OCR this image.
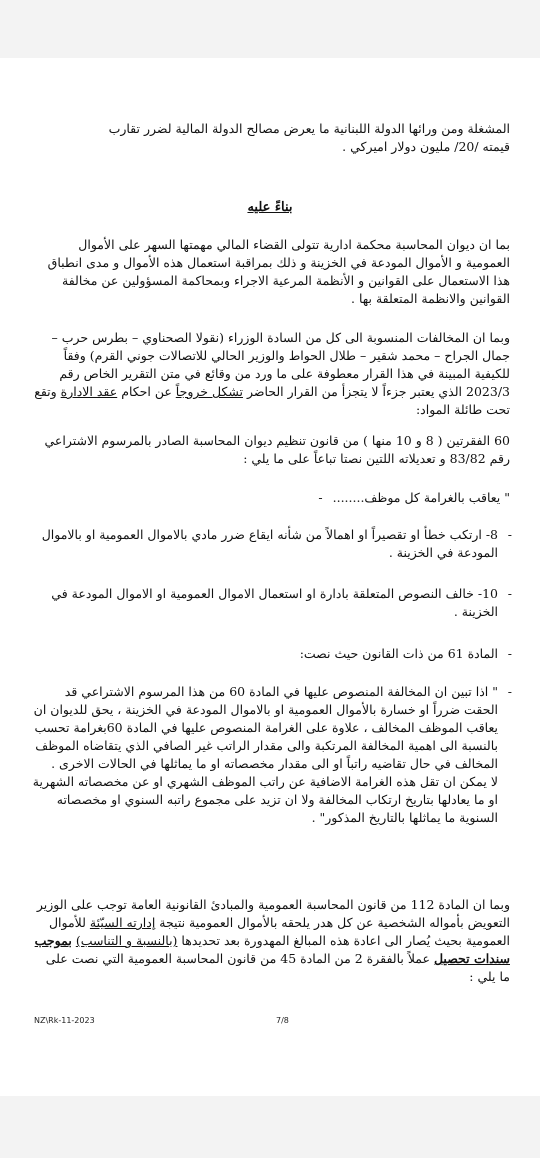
المشغلة ومن ورائها الدولة اللبنانية ما يعرض مصالح الدولة المالية لضرر تقارب
قيمته /20/ مليون دولار اميركي .
بناءً عليه
بما ان ديوان المحاسبة محكمة ادارية تتولى القضاء المالي مهمتها السهر على الأموال العمومية و الأموال المودعة في الخزينة و ذلك بمراقبة استعمال هذه الأموال و مدى انطباق هذا الاستعمال على القوانين و الأنظمة المرعية الاجراء وبمحاكمة المسؤولين عن مخالفة القوانين والانظمة المتعلقة بها .
وبما ان المخالفات المنسوبة الى كل من السادة الوزراء (نقولا الصحناوي – بطرس حرب – جمال الجراح – محمد شقير – طلال الحواط والوزير الحالي للاتصالات جوني القرم) وفقاً للكيفية المبينة في هذا القرار معطوفة على ما ورد من وقائع في متن التقرير الخاص رقم 2023/3 الذي يعتبر جزءاً لا يتجزأ من القرار الحاضر تشكل خروجاً عن احكام عقد الادارة وتقع تحت طائلة المواد:
60 الفقرتين ( 8 و 10 منها ) من قانون تنظيم ديوان المحاسبة الصادر بالمرسوم الاشتراعي رقم 83/82 و تعديلاته اللتين نصتا تباعاً على ما يلي :
" يعاقب بالغرامة كل موظف........ -
8- ارتكب خطأ او تقصيراً او اهمالاً من شأنه ايقاع ضرر مادي بالاموال العمومية او بالاموال المودعة في الخزينة .
-
10- خالف النصوص المتعلقة بادارة او استعمال الاموال العمومية او الاموال المودعة في الخزينة .
-
المادة 61 من ذات القانون حيث نصت: -
" اذا تبين ان المخالفة المنصوص عليها في المادة 60 من هذا المرسوم الاشتراعي قد الحقت ضرراً او خسارة بالأموال العمومية او بالاموال المودعة في الخزينة ، يحق للديوان ان يعاقب الموظف المخالف ، علاوة على الغرامة المنصوص عليها في المادة 60بغرامة تحسب بالنسبة الى اهمية المخالفة المرتكبة والى مقدار الراتب غير الصافي الذي يتقاضاه الموظف المخالف في حال تقاضيه راتباً او الى مقدار مخصصاته او ما يماثلها في الحالات الاخرى .
لا يمكن ان تقل هذه الغرامة الاضافية عن راتب الموظف الشهري او عن مخصصاته الشهرية او ما يعادلها بتاريخ ارتكاب المخالفة ولا ان تزيد على مجموع راتبه السنوي او مخصصاته السنوية ما يماثلها بالتاريخ المذكور" .
-
وبما ان المادة 112 من قانون المحاسبة العمومية والمبادئ القانونية العامة توجب على الوزير التعويض بأمواله الشخصية عن كل هدر يلحقه بالأموال العمومية نتيجة إدارته السيّئة للأموال العمومية بحيث يُصار الى اعادة هذه المبالغ المهدورة بعد تحديدها (بالنسبة و التناسب) بموجب سندات تحصيل عملاً بالفقرة 2 من المادة 45 من قانون المحاسبة العمومية التي نصت على ما يلي :
NZ\Rk-11-2023	7/8
